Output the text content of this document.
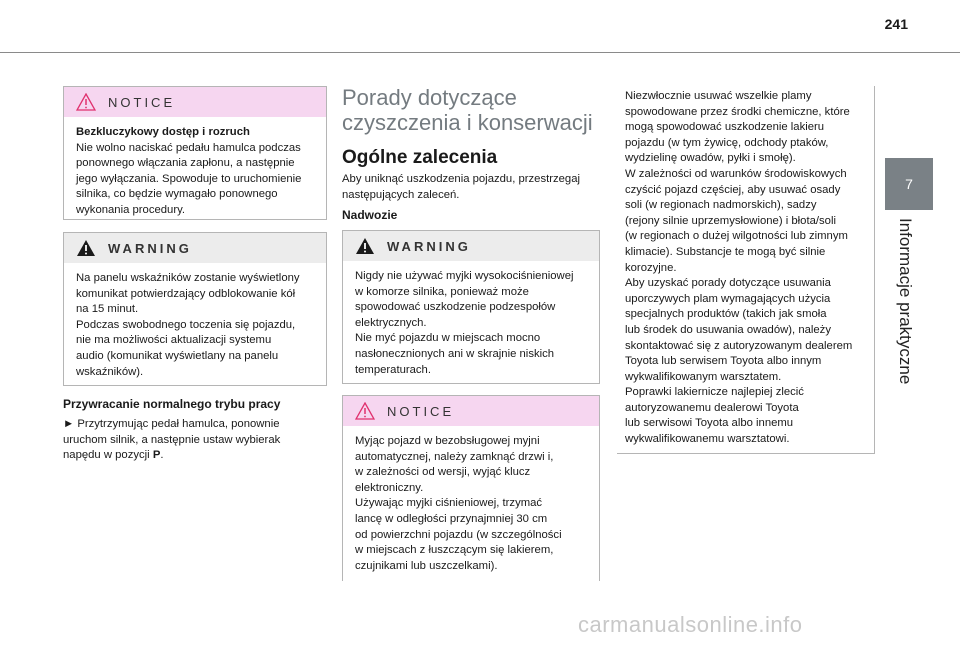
241
7
Informacje praktyczne
NOTICE

Bezkluczykowy dostęp i rozruch

Nie wolno naciskać pedału hamulca podczas
ponownego włączania zapłonu, a następnie
jego wyłączania. Spowoduje to uruchomienie
silnika, co będzie wymagało ponownego
wykonania procedury.

WARNING

Na panelu wskaźników zostanie wyświetlony
komunikat potwierdzający odblokowanie kół
na 15 minut.
Podczas swobodnego toczenia się pojazdu,
nie ma możliwości aktualizacji systemu
audio (komunikat wyświetlany na panelu
wskaźników).

Przywracanie normalnego trybu pracy
► Przytrzymując pedał hamulca, ponownie
uruchom silnik, a następnie ustaw wybierak
napędu w pozycji P.
Porady dotyczące
czyszczenia i konserwacji
Ogólne zalecenia
Aby uniknąć uszkodzenia pojazdu, przestrzegaj
następujących zaleceń.
Nadwozie
WARNING

Nigdy nie używać myjki wysokociśnieniowej
w komorze silnika, ponieważ może
spowodować uszkodzenie podzespołów
elektrycznych.
Nie myć pojazdu w miejscach mocno
nasłonecznionych ani w skrajnie niskich
temperaturach.

NOTICE

Myjąc pojazd w bezobsługowej myjni
automatycznej, należy zamknąć drzwi i,
w zależności od wersji, wyjąć klucz
elektroniczny.
Używając myjki ciśnieniowej, trzymać
lancę w odległości przynajmniej 30 cm
od powierzchni pojazdu (w szczególności
w miejscach z łuszczącym się lakierem,
czujnikami lub uszczelkami).

Niezwłocznie usuwać wszelkie plamy
spowodowane przez środki chemiczne, które
mogą spowodować uszkodzenie lakieru
pojazdu (w tym żywicę, odchody ptaków,
wydzielinę owadów, pyłki i smołę).
W zależności od warunków środowiskowych
czyścić pojazd częściej, aby usuwać osady
soli (w regionach nadmorskich), sadzy
(rejony silnie uprzemysłowione) i błota/soli
(w regionach o dużej wilgotności lub zimnym
klimacie). Substancje te mogą być silnie
korozyjne.
Aby uzyskać porady dotyczące usuwania
uporczywych plam wymagających użycia
specjalnych produktów (takich jak smoła
lub środek do usuwania owadów), należy
skontaktować się z autoryzowanym dealerem
Toyota lub serwisem Toyota albo innym
wykwalifikowanym warsztatem.
Poprawki lakiernicze najlepiej zlecić
autoryzowanemu dealerowi Toyota
lub serwisowi Toyota albo innemu
wykwalifikowanemu warsztatowi.
carmanualsonline.info
